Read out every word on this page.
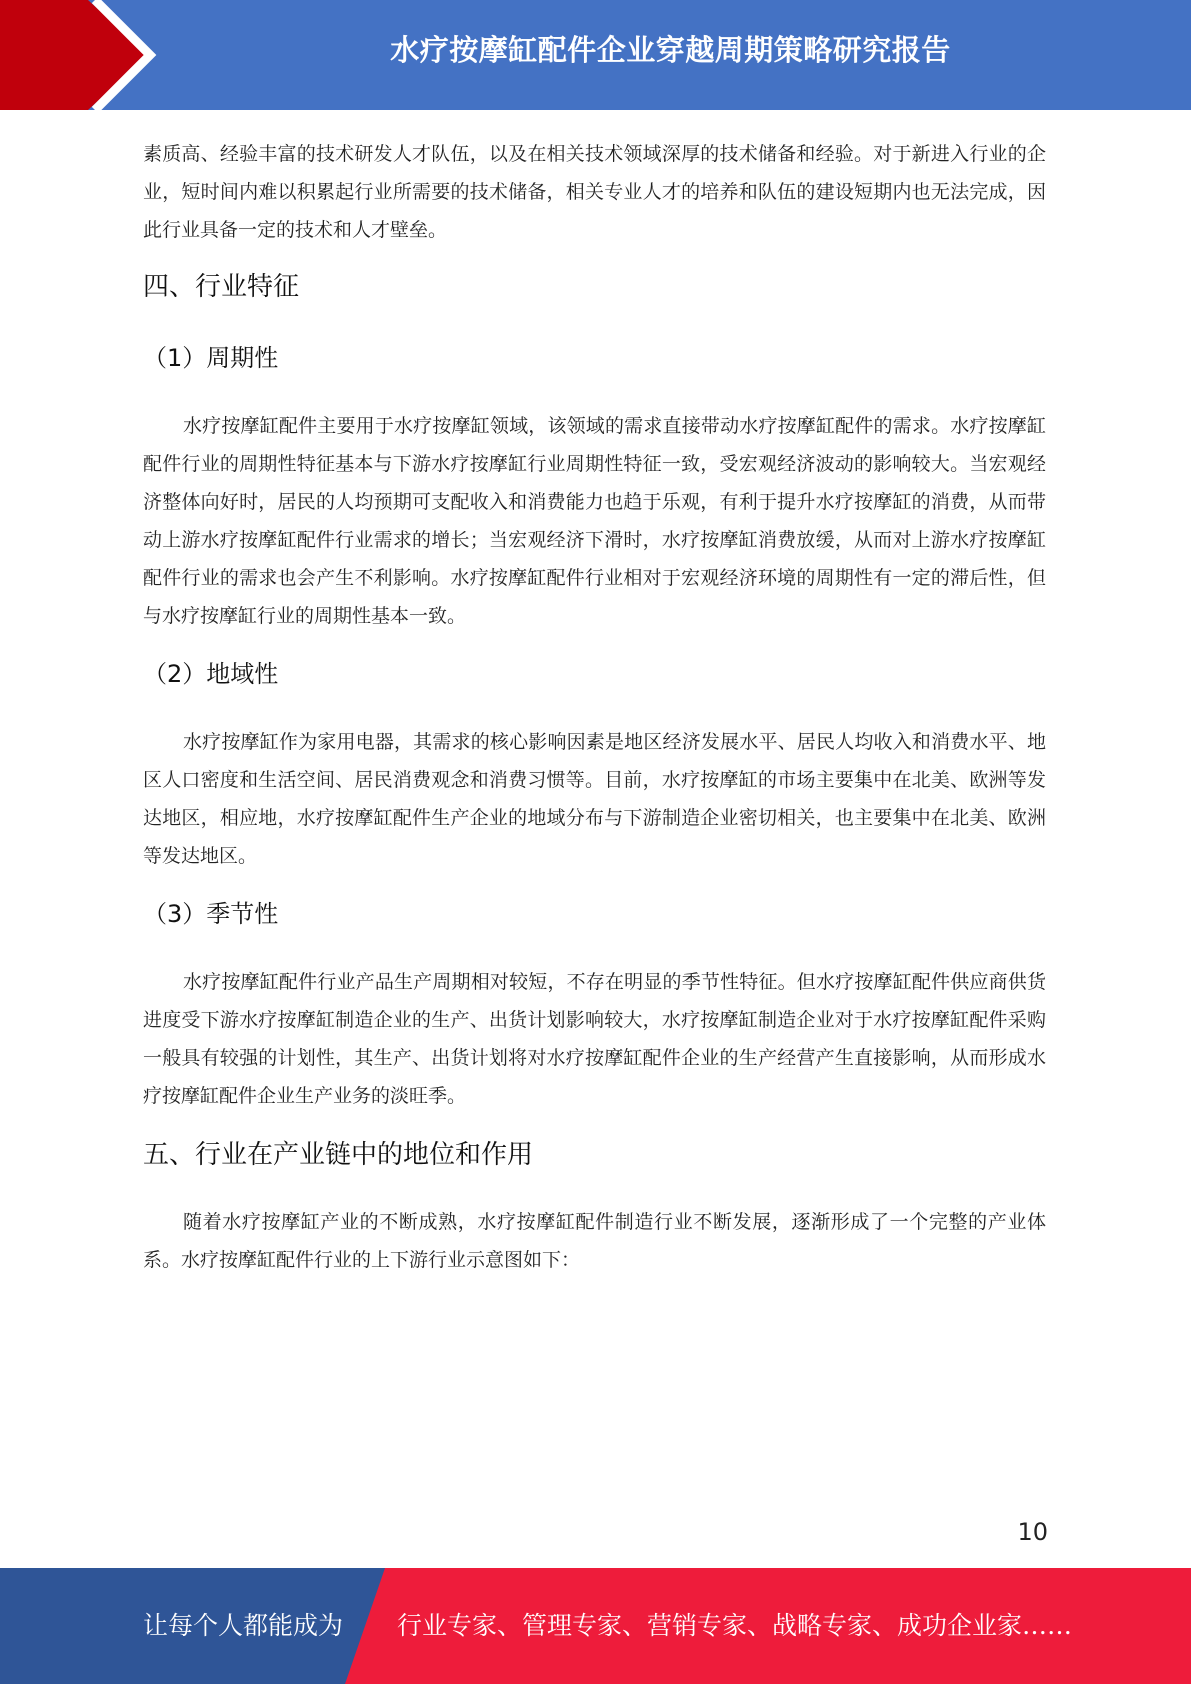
水疗按摩缸配件企业穿越周期策略研究报告

素质高、经验丰富的技术研发人才队伍，以及在相关技术领域深厚的技术储备和经验。对于新进入行业的企业，短时间内难以积累起行业所需要的技术储备，相关专业人才的培养和队伍的建设短期内也无法完成，因此行业具备一定的技术和人才壁垒。

四、行业特征
（1）周期性

水疗按摩缸配件主要用于水疗按摩缸领域，该领域的需求直接带动水疗按摩缸配件的需求。水疗按摩缸配件行业的周期性特征基本与下游水疗按摩缸行业周期性特征一致，受宏观经济波动的影响较大。当宏观经济整体向好时，居民的人均预期可支配收入和消费能力也趋于乐观，有利于提升水疗按摩缸的消费，从而带动上游水疗按摩缸配件行业需求的增长；当宏观经济下滑时，水疗按摩缸消费放缓，从而对上游水疗按摩缸配件行业的需求也会产生不利影响。水疗按摩缸配件行业相对于宏观经济环境的周期性有一定的滞后性，但与水疗按摩缸行业的周期性基本一致。

（2）地域性

水疗按摩缸作为家用电器，其需求的核心影响因素是地区经济发展水平、居民人均收入和消费水平、地区人口密度和生活空间、居民消费观念和消费习惯等。目前，水疗按摩缸的市场主要集中在北美、欧洲等发达地区，相应地，水疗按摩缸配件生产企业的地域分布与下游制造企业密切相关，也主要集中在北美、欧洲等发达地区。

（3）季节性

水疗按摩缸配件行业产品生产周期相对较短，不存在明显的季节性特征。但水疗按摩缸配件供应商供货进度受下游水疗按摩缸制造企业的生产、出货计划影响较大，水疗按摩缸制造企业对于水疗按摩缸配件采购一般具有较强的计划性，其生产、出货计划将对水疗按摩缸配件企业的生产经营产生直接影响，从而形成水疗按摩缸配件企业生产业务的淡旺季。

五、行业在产业链中的地位和作用

随着水疗按摩缸产业的不断成熟，水疗按摩缸配件制造行业不断发展，逐渐形成了一个完整的产业体系。水疗按摩缸配件行业的上下游行业示意图如下：

10
让每个人都能成为 行业专家、管理专家、营销专家、战略专家、成功企业家……
